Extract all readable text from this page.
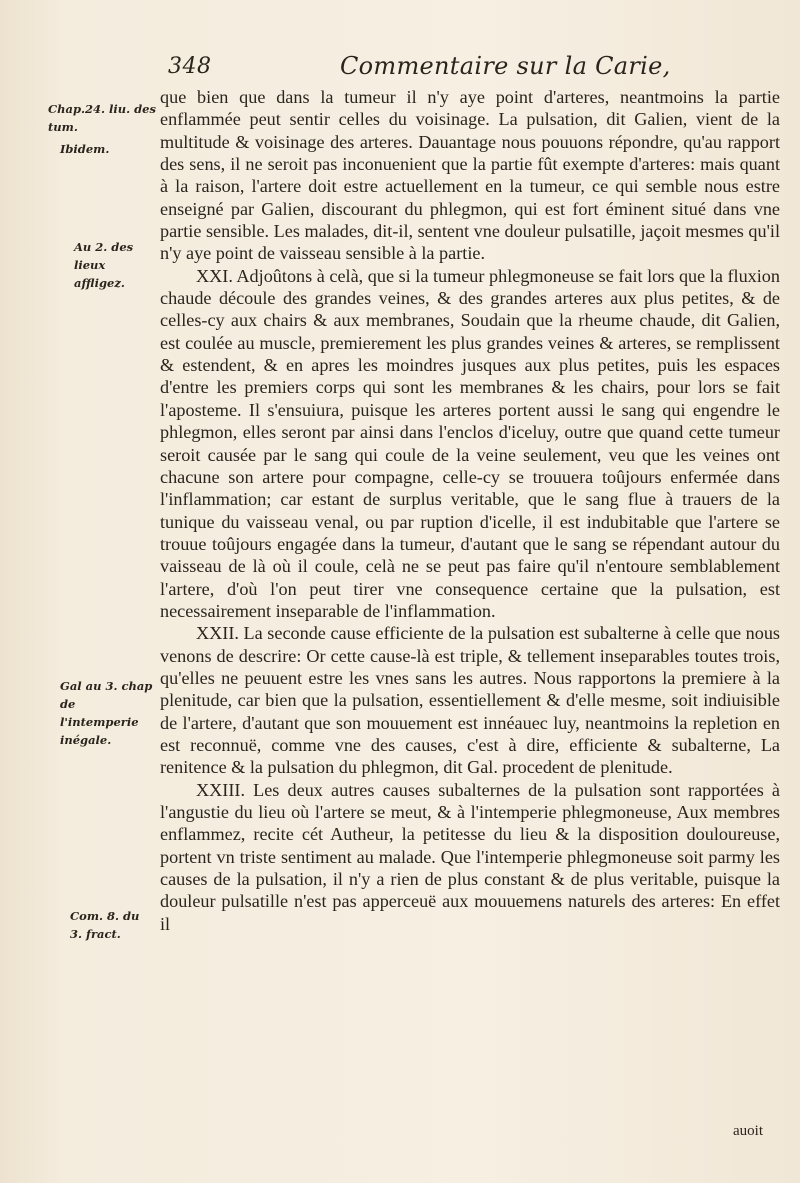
348	Commentaire sur la Carie,
Chap.24. liu. des tum.
Ibidem.
Au 2. des lieux affligez.
Gal au 3. chap de l'intemperie inégale.
Com. 8. du 3. fract.

que bien que dans la tumeur il n'y aye point d'arteres, neantmoins la partie enflammée peut sentir celles du voisinage. La pulsation, dit Galien, vient de la multitude & voisinage des arteres. Dauantage nous pouuons répondre, qu'au rapport des sens, il ne seroit pas inconuenient que la partie fût exempte d'arteres: mais quant à la raison, l'artere doit estre actuellement en la tumeur, ce qui semble nous estre enseigné par Galien, discourant du phlegmon, qui est fort éminent situé dans vne partie sensible. Les malades, dit-il, sentent vne douleur pulsatille, jaçoit mesmes qu'il n'y aye point de vaisseau sensible à la partie.

XXI. Adjoûtons à celà, que si la tumeur phlegmoneuse se fait lors que la fluxion chaude découle des grandes veines, & des grandes arteres aux plus petites, & de celles-cy aux chairs & aux membranes, Soudain que la rheume chaude, dit Galien, est coulée au muscle, premierement les plus grandes veines & arteres, se remplissent & estendent, & en apres les moindres jusques aux plus petites, puis les espaces d'entre les premiers corps qui sont les membranes & les chairs, pour lors se fait l'aposteme. Il s'ensuiura, puisque les arteres portent aussi le sang qui engendre le phlegmon, elles seront par ainsi dans l'enclos d'iceluy, outre que quand cette tumeur seroit causée par le sang qui coule de la veine seulement, veu que les veines ont chacune son artere pour compagne, celle-cy se trouuera toûjours enfermée dans l'inflammation; car estant de surplus veritable, que le sang flue à trauers de la tunique du vaisseau venal, ou par ruption d'icelle, il est indubitable que l'artere se trouue toûjours engagée dans la tumeur, d'autant que le sang se répendant autour du vaisseau de là où il coule, celà ne se peut pas faire qu'il n'entoure semblablement l'artere, d'où l'on peut tirer vne consequence certaine que la pulsation, est necessairement inseparable de l'inflammation.

XXII. La seconde cause efficiente de la pulsation est subalterne à celle que nous venons de descrire: Or cette cause-là est triple, & tellement inseparables toutes trois, qu'elles ne peuuent estre les vnes sans les autres. Nous rapportons la premiere à la plenitude, car bien que la pulsation, essentiellement & d'elle mesme, soit indiuisible de l'artere, d'autant que son mouuement est innéauec luy, neantmoins la repletion en est reconnuë, comme vne des causes, c'est à dire, efficiente & subalterne, La renitence & la pulsation du phlegmon, dit Gal. procedent de plenitude.

XXIII. Les deux autres causes subalternes de la pulsation sont rapportées à l'angustie du lieu où l'artere se meut, & à l'intemperie phlegmoneuse, Aux membres enflammez, recite cét Autheur, la petitesse du lieu & la disposition douloureuse, portent vn triste sentiment au malade. Que l'intemperie phlegmoneuse soit parmy les causes de la pulsation, il n'y a rien de plus constant & de plus veritable, puisque la douleur pulsatille n'est pas apperceuë aux mouuemens naturels des arteres: En effet il

auoit
